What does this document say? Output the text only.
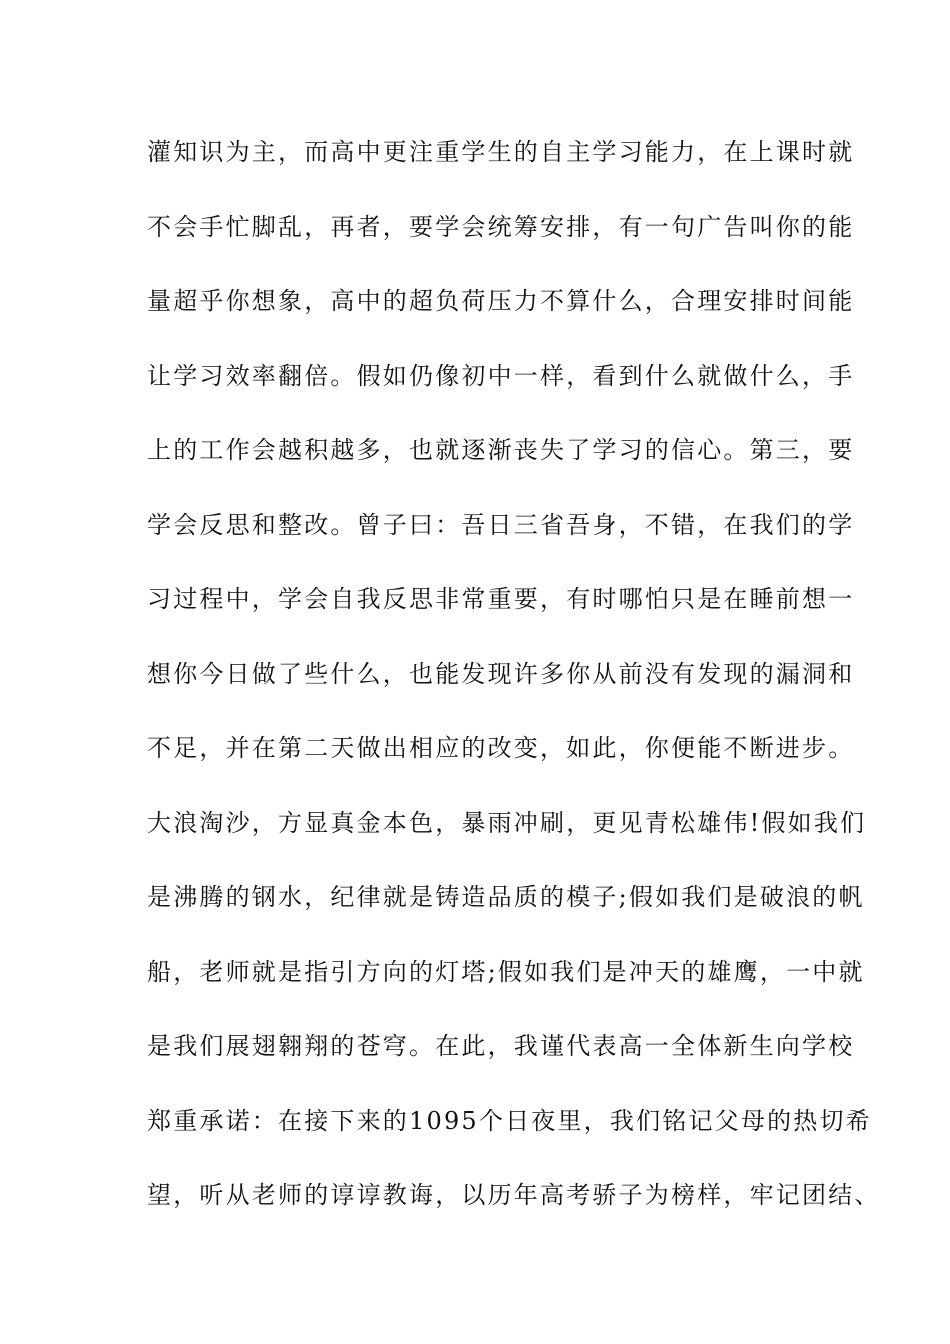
灌知识为主，而高中更注重学生的自主学习能力，在上课时就
不会手忙脚乱，再者，要学会统筹安排，有一句广告叫你的能
量超乎你想象，高中的超负荷压力不算什么，合理安排时间能
让学习效率翻倍。假如仍像初中一样，看到什么就做什么，手
上的工作会越积越多，也就逐渐丧失了学习的信心。第三，要
学会反思和整改。曾子曰：吾日三省吾身，不错，在我们的学
习过程中，学会自我反思非常重要，有时哪怕只是在睡前想一
想你今日做了些什么，也能发现许多你从前没有发现的漏洞和
不足，并在第二天做出相应的改变，如此，你便能不断进步。
大浪淘沙，方显真金本色，暴雨冲刷，更见青松雄伟!假如我们
是沸腾的钢水，纪律就是铸造品质的模子;假如我们是破浪的帆
船，老师就是指引方向的灯塔;假如我们是冲天的雄鹰，一中就
是我们展翅翱翔的苍穹。在此，我谨代表高一全体新生向学校
郑重承诺：在接下来的1095个日夜里，我们铭记父母的热切希
望，听从老师的谆谆教诲，以历年高考骄子为榜样，牢记团结、
